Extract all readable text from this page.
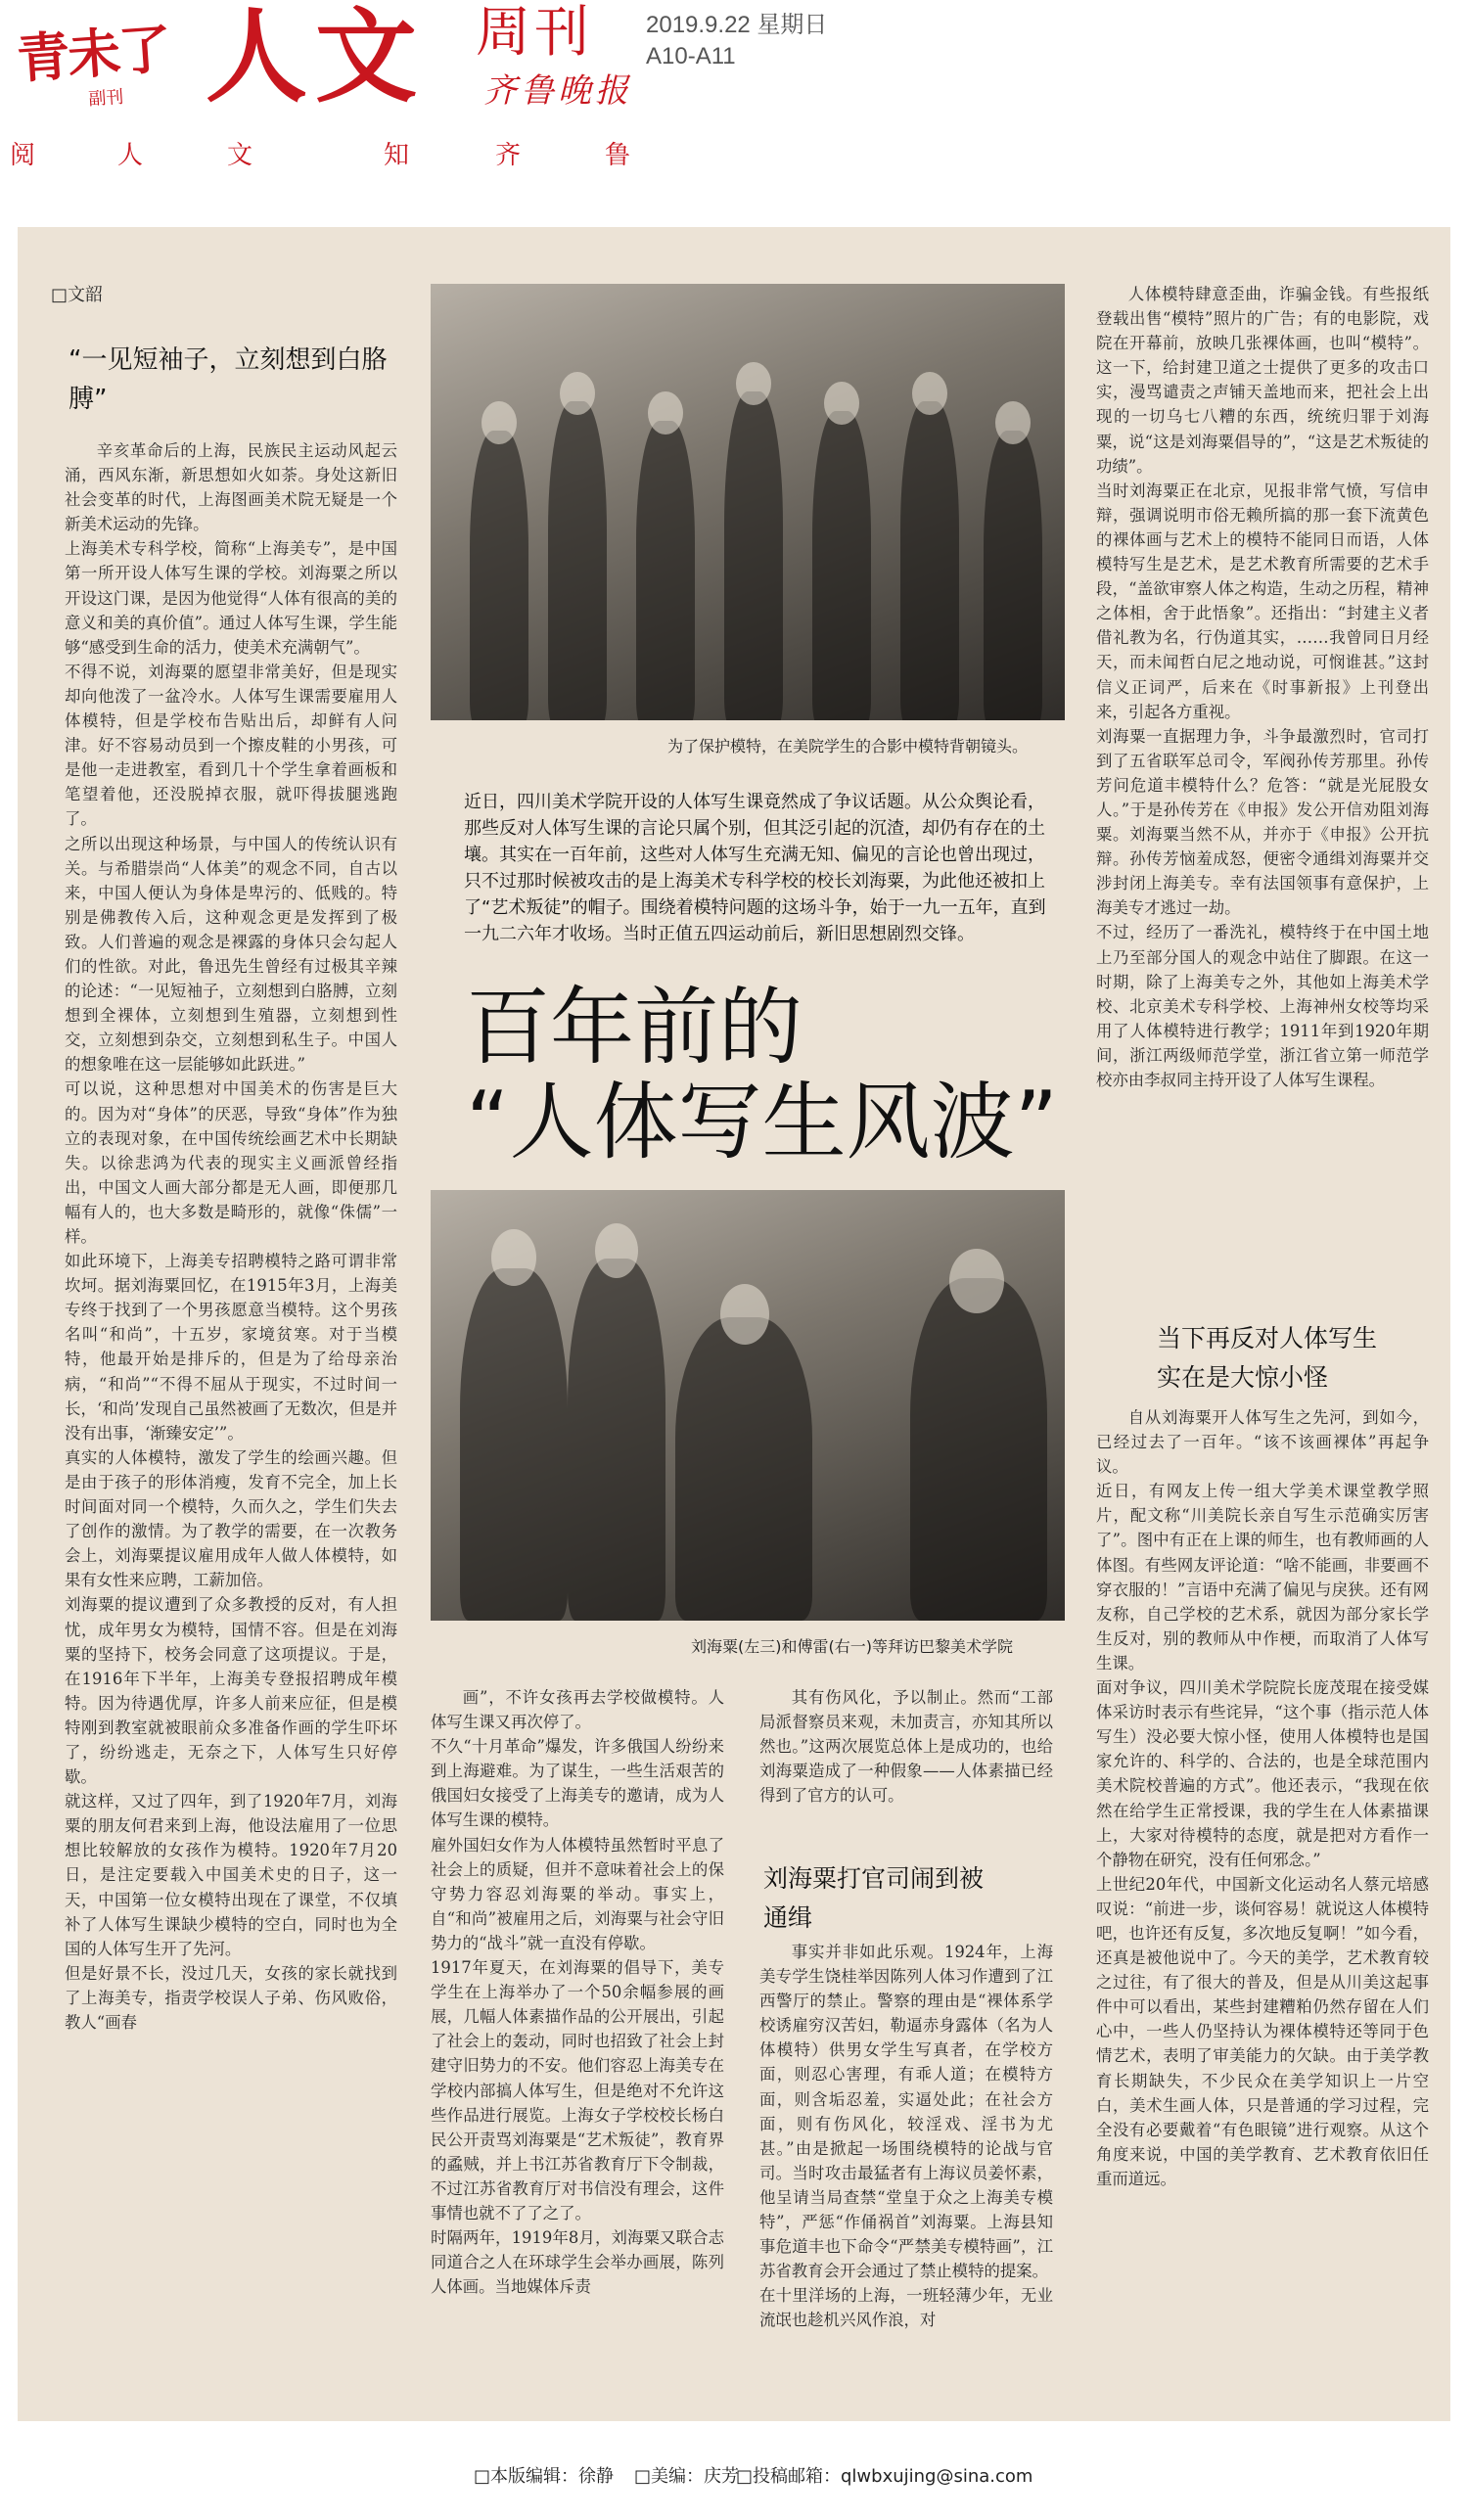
青未了
副刊 人文 周刊
齐鲁晚报
2019.9.22 星期日
A10-A11
阅	人	文	知	齐	鲁
□文韶
“一见短袖子，立刻想到白胳膊”

辛亥革命后的上海，民族民主运动风起云涌，西风东渐，新思想如火如荼。身处这新旧社会变革的时代，上海图画美术院无疑是一个新美术运动的先锋。
上海美术专科学校，简称“上海美专”，是中国第一所开设人体写生课的学校。刘海粟之所以开设这门课，是因为他觉得“人体有很高的美的意义和美的真价值”。通过人体写生课，学生能够“感受到生命的活力，使美术充满朝气”。
不得不说，刘海粟的愿望非常美好，但是现实却向他泼了一盆冷水。人体写生课需要雇用人体模特，但是学校布告贴出后，却鲜有人问津。好不容易动员到一个擦皮鞋的小男孩，可是他一走进教室，看到几十个学生拿着画板和笔望着他，还没脱掉衣服，就吓得拔腿逃跑了。
之所以出现这种场景，与中国人的传统认识有关。与希腊崇尚“人体美”的观念不同，自古以来，中国人便认为身体是卑污的、低贱的。特别是佛教传入后，这种观念更是发挥到了极致。人们普遍的观念是裸露的身体只会勾起人们的性欲。对此，鲁迅先生曾经有过极其辛辣的论述：“一见短袖子，立刻想到白胳膊，立刻想到全裸体，立刻想到生殖器，立刻想到性交，立刻想到杂交，立刻想到私生子。中国人的想象唯在这一层能够如此跃进。”
可以说，这种思想对中国美术的伤害是巨大的。因为对“身体”的厌恶，导致“身体”作为独立的表现对象，在中国传统绘画艺术中长期缺失。以徐悲鸿为代表的现实主义画派曾经指出，中国文人画大部分都是无人画，即便那几幅有人的，也大多数是畸形的，就像“侏儒”一样。
如此环境下，上海美专招聘模特之路可谓非常坎坷。据刘海粟回忆，在1915年3月，上海美专终于找到了一个男孩愿意当模特。这个男孩名叫“和尚”，十五岁，家境贫寒。对于当模特，他最开始是排斥的，但是为了给母亲治病，“和尚”“不得不屈从于现实，不过时间一长，‘和尚’发现自己虽然被画了无数次，但是并没有出事，‘渐臻安定’”。
真实的人体模特，激发了学生的绘画兴趣。但是由于孩子的形体消瘦，发育不完全，加上长时间面对同一个模特，久而久之，学生们失去了创作的激情。为了教学的需要，在一次教务会上，刘海粟提议雇用成年人做人体模特，如果有女性来应聘，工薪加倍。
刘海粟的提议遭到了众多教授的反对，有人担忧，成年男女为模特，国情不容。但是在刘海粟的坚持下，校务会同意了这项提议。于是，在1916年下半年，上海美专登报招聘成年模特。因为待遇优厚，许多人前来应征，但是模特刚到教室就被眼前众多准备作画的学生吓坏了，纷纷逃走，无奈之下，人体写生只好停歇。
就这样，又过了四年，到了1920年7月，刘海粟的朋友何君来到上海，他设法雇用了一位思想比较解放的女孩作为模特。1920年7月20日，是注定要载入中国美术史的日子，这一天，中国第一位女模特出现在了课堂，不仅填补了人体写生课缺少模特的空白，同时也为全国的人体写生开了先河。
但是好景不长，没过几天，女孩的家长就找到了上海美专，指责学校误人子弟、伤风败俗，教人“画春

为了保护模特，在美院学生的合影中模特背朝镜头。
近日，四川美术学院开设的人体写生课竟然成了争议话题。从公众舆论看，那些反对人体写生课的言论只属个别，但其泛引起的沉渣，却仍有存在的土壤。其实在一百年前，这些对人体写生充满无知、偏见的言论也曾出现过，只不过那时候被攻击的是上海美术专科学校的校长刘海粟，为此他还被扣上了“艺术叛徒”的帽子。围绕着模特问题的这场斗争，始于一九一五年，直到一九二六年才收场。当时正值五四运动前后，新旧思想剧烈交锋。
百年前的
“人体写生风波”
刘海粟(左三)和傅雷(右一)等拜访巴黎美术学院

画”，不许女孩再去学校做模特。人体写生课又再次停了。
不久“十月革命”爆发，许多俄国人纷纷来到上海避难。为了谋生，一些生活艰苦的俄国妇女接受了上海美专的邀请，成为人体写生课的模特。
雇外国妇女作为人体模特虽然暂时平息了社会上的质疑，但并不意味着社会上的保守势力容忍刘海粟的举动。事实上，自“和尚”被雇用之后，刘海粟与社会守旧势力的“战斗”就一直没有停歇。
1917年夏天，在刘海粟的倡导下，美专学生在上海举办了一个50余幅参展的画展，几幅人体素描作品的公开展出，引起了社会上的轰动，同时也招致了社会上封建守旧势力的不安。他们容忍上海美专在学校内部搞人体写生，但是绝对不允许这些作品进行展览。上海女子学校校长杨白民公开责骂刘海粟是“艺术叛徒”，教育界的蟊贼，并上书江苏省教育厅下令制裁，不过江苏省教育厅对书信没有理会，这件事情也就不了了之了。
时隔两年，1919年8月，刘海粟又联合志同道合之人在环球学生会举办画展，陈列人体画。当地媒体斥责

其有伤风化，予以制止。然而“工部局派督察员来观，未加责言，亦知其所以然也。”这两次展览总体上是成功的，也给刘海粟造成了一种假象——人体素描已经得到了官方的认可。

刘海粟打官司闹到被
通缉

事实并非如此乐观。1924年，上海美专学生饶桂举因陈列人体习作遭到了江西警厅的禁止。警察的理由是“裸体系学校诱雇穷汉苦妇，勒逼赤身露体（名为人体模特）供男女学生写真者，在学校方面，则忍心害理，有乖人道；在模特方面，则含垢忍羞，实逼处此；在社会方面，则有伤风化，较淫戏、淫书为尤甚。”由是掀起一场围绕模特的论战与官司。当时攻击最猛者有上海议员姜怀素，他呈请当局查禁“堂皇于众之上海美专模特”，严惩“作俑祸首”刘海粟。上海县知事危道丰也下命令“严禁美专模特画”，江苏省教育会开会通过了禁止模特的提案。
在十里洋场的上海，一班轻薄少年，无业流氓也趁机兴风作浪，对

人体模特肆意歪曲，诈骗金钱。有些报纸登载出售“模特”照片的广告；有的电影院，戏院在开幕前，放映几张裸体画，也叫“模特”。这一下，给封建卫道之士提供了更多的攻击口实，漫骂谴责之声铺天盖地而来，把社会上出现的一切乌七八糟的东西，统统归罪于刘海粟，说“这是刘海粟倡导的”，“这是艺术叛徒的功绩”。
当时刘海粟正在北京，见报非常气愤，写信申辩，强调说明市俗无赖所搞的那一套下流黄色的裸体画与艺术上的模特不能同日而语，人体模特写生是艺术，是艺术教育所需要的艺术手段，“盖欲审察人体之构造，生动之历程，精神之体相，舍于此悟象”。还指出：“封建主义者借礼教为名，行伪道其实，……我曾同日月经天，而未闻哲白尼之地动说，可悯谁甚。”这封信义正词严，后来在《时事新报》上刊登出来，引起各方重视。
刘海粟一直据理力争，斗争最激烈时，官司打到了五省联军总司令，军阀孙传芳那里。孙传芳问危道丰模特什么？危答：“就是光屁股女人。”于是孙传芳在《申报》发公开信劝阻刘海粟。刘海粟当然不从，并亦于《申报》公开抗辩。孙传芳恼羞成怒，便密令通缉刘海粟并交涉封闭上海美专。幸有法国领事有意保护，上海美专才逃过一劫。
不过，经历了一番洗礼，模特终于在中国土地上乃至部分国人的观念中站住了脚跟。在这一时期，除了上海美专之外，其他如上海美术学校、北京美术专科学校、上海神州女校等均采用了人体模特进行教学；1911年到1920年期间，浙江两级师范学堂，浙江省立第一师范学校亦由李叔同主持开设了人体写生课程。

当下再反对人体写生
实在是大惊小怪

自从刘海粟开人体写生之先河，到如今，已经过去了一百年。“该不该画裸体”再起争议。
近日，有网友上传一组大学美术课堂教学照片，配文称“川美院长亲自写生示范确实厉害了”。图中有正在上课的师生，也有教师画的人体图。有些网友评论道：“啥不能画，非要画不穿衣服的！”言语中充满了偏见与戾狭。还有网友称，自己学校的艺术系，就因为部分家长学生反对，别的教师从中作梗，而取消了人体写生课。
面对争议，四川美术学院院长庞茂琨在接受媒体采访时表示有些诧异，“这个事（指示范人体写生）没必要大惊小怪，使用人体模特也是国家允许的、科学的、合法的，也是全球范围内美术院校普遍的方式”。他还表示，“我现在依然在给学生正常授课，我的学生在人体素描课上，大家对待模特的态度，就是把对方看作一个静物在研究，没有任何邪念。”
上世纪20年代，中国新文化运动名人蔡元培感叹说：“前进一步，谈何容易！就说这人体模特吧，也许还有反复，多次地反复啊！”如今看，还真是被他说中了。今天的美学，艺术教育较之过往，有了很大的普及，但是从川美这起事件中可以看出，某些封建糟粕仍然存留在人们心中，一些人仍坚持认为裸体模特还等同于色情艺术，表明了审美能力的欠缺。由于美学教育长期缺失，不少民众在美学知识上一片空白，美术生画人体，只是普通的学习过程，完全没有必要戴着“有色眼镜”进行观察。从这个角度来说，中国的美学教育、艺术教育依旧任重而道远。

□本版编辑：徐静 □美编：庆芳
□投稿邮箱：qlwbxujing@sina.com
